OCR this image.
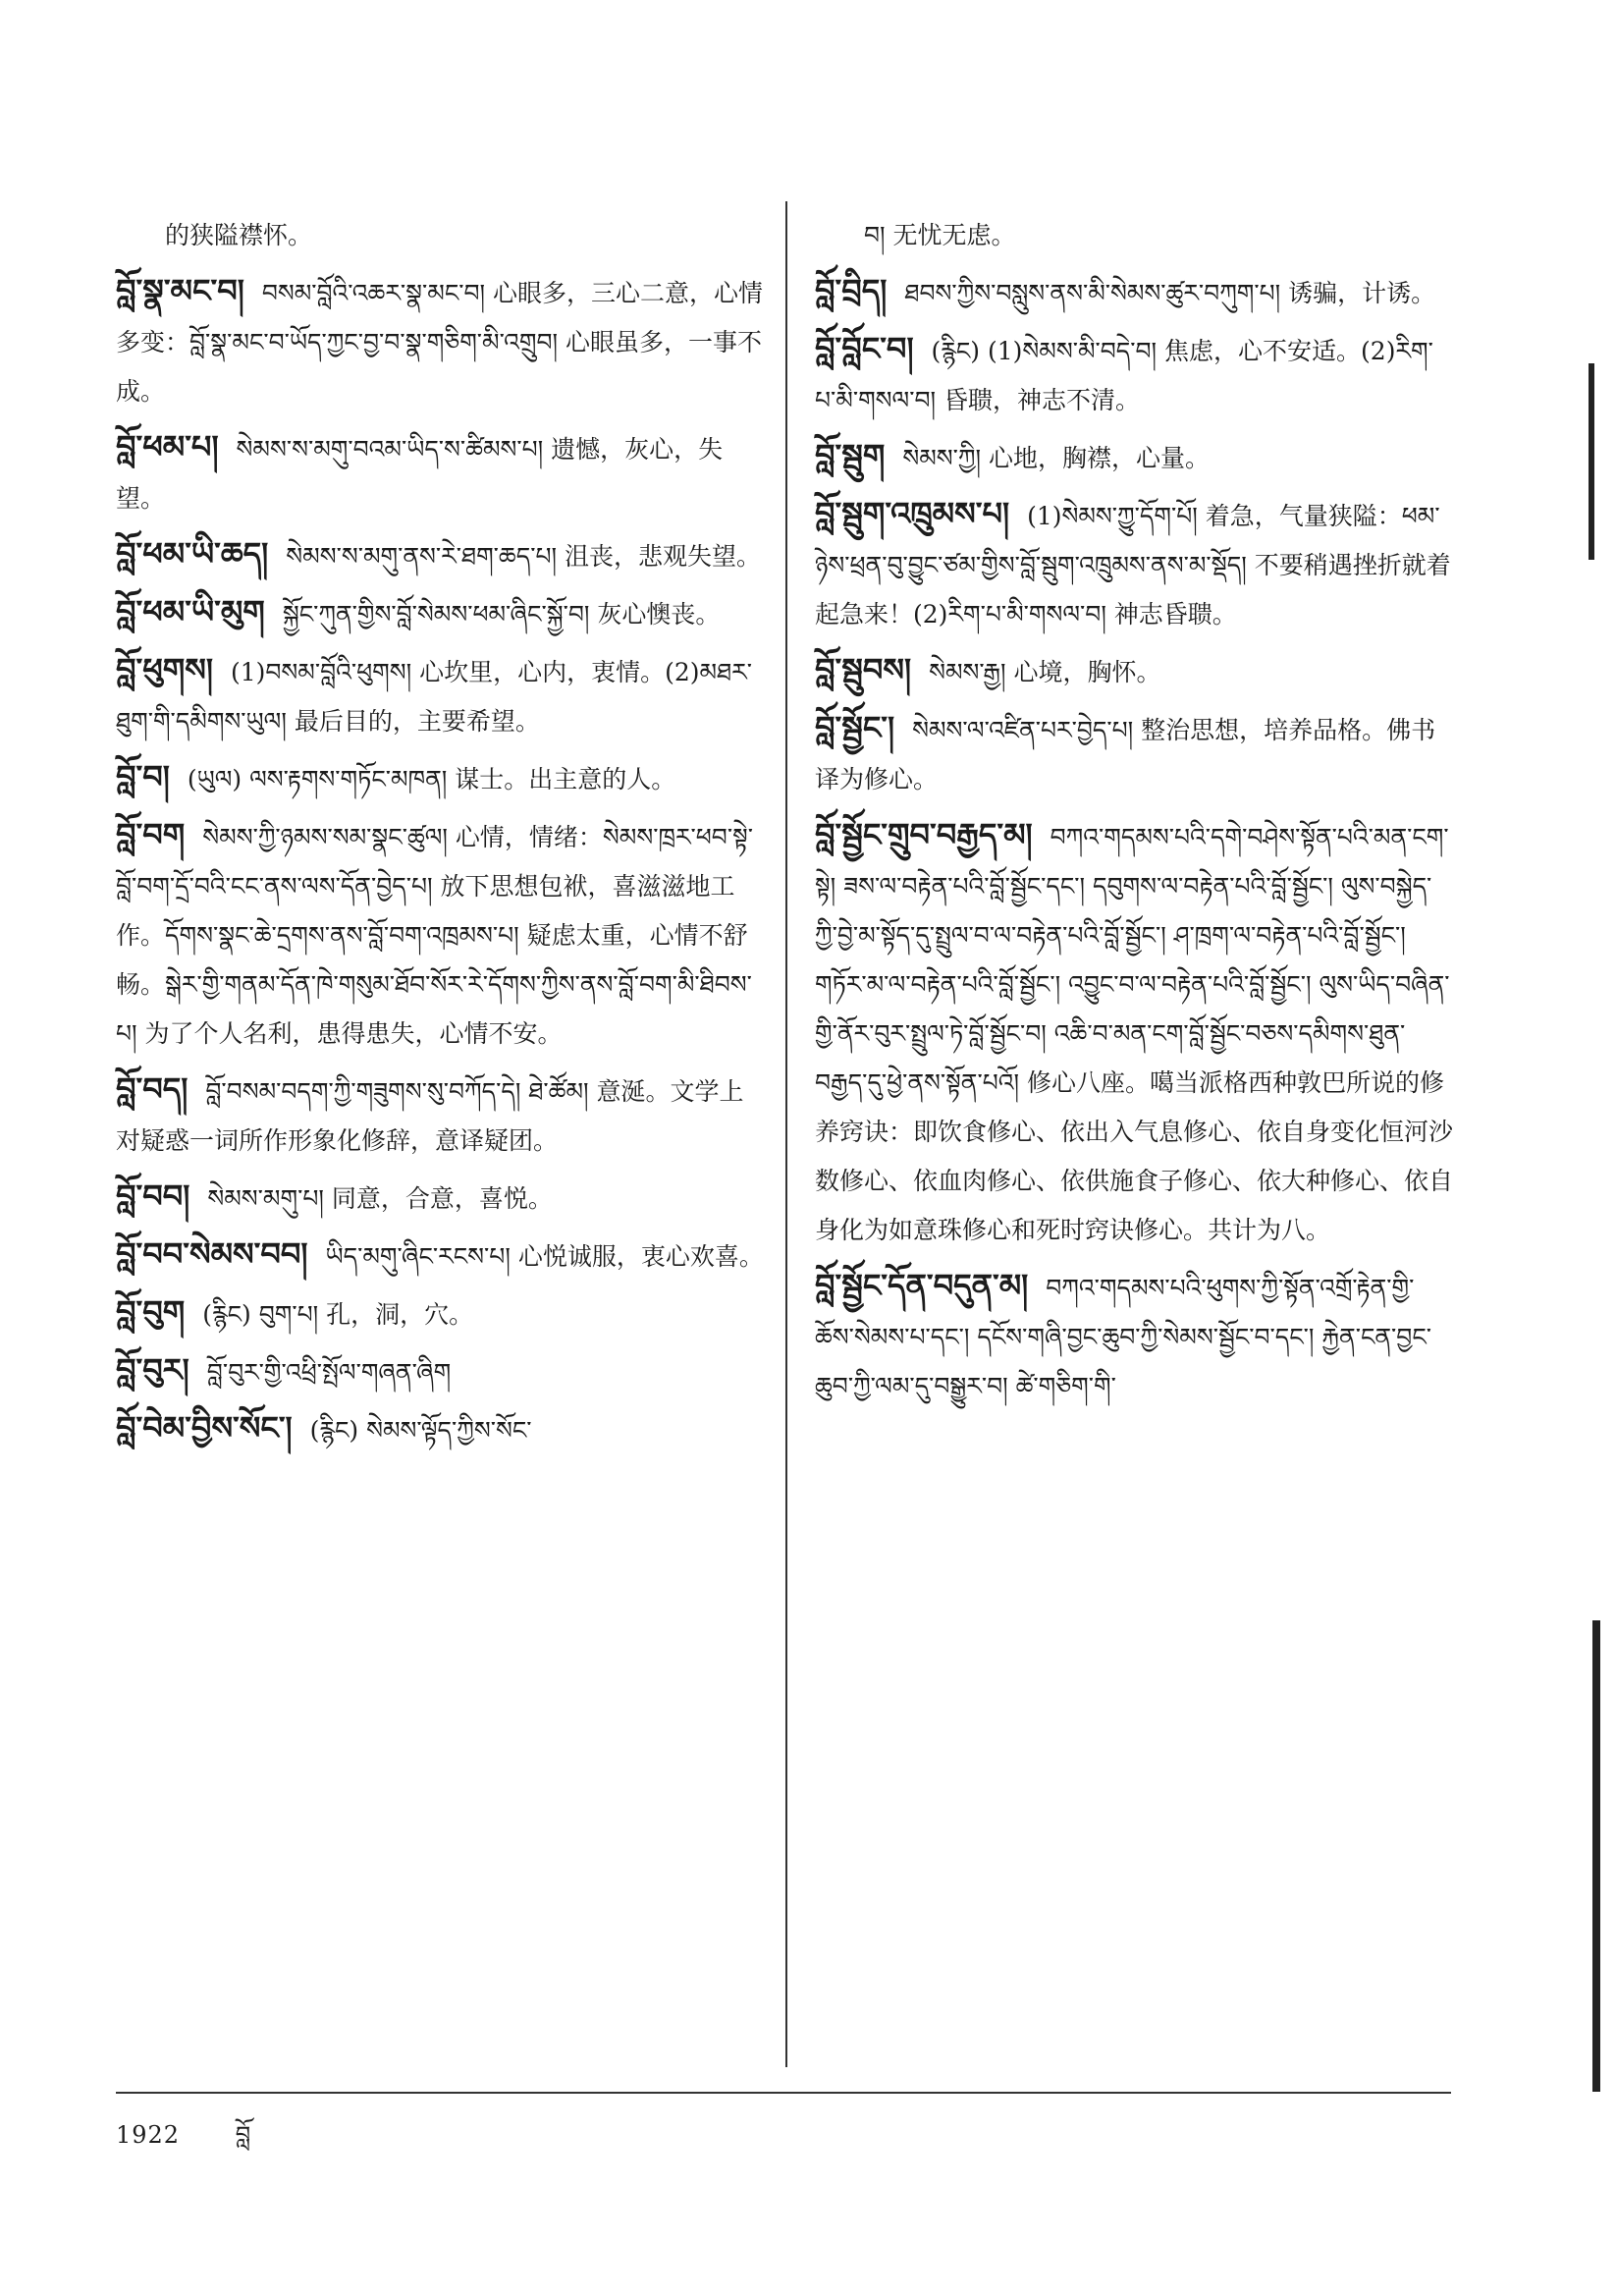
的狭隘襟怀。
བློ་སྣ་མང་བ། བསམ་བློའི་འཆར་སྣ་མང་བ། 心眼多，三心二意，心情多变：བློ་སྣ་མང་བ་ཡོད་ཀྱང་བྱ་བ་སྣ་གཅིག་མི་འགྲུབ། 心眼虽多，一事不成。
བློ་ཕམ་པ། སེམས་ས་མགུ་བའམ་ཡིད་ས་ཚིམས་པ། 遗憾，灰心，失望。
བློ་ཕམ་ཡི་ཆད། སེམས་ས་མགུ་ནས་རེ་ཐག་ཆད་པ། 沮丧，悲观失望。
བློ་ཕམ་ཡི་མུག སྐྱོང་ཀུན་གྱིས་བློ་སེམས་ཕམ་ཞིང་སྐྱོ་བ། 灰心懊丧。
བློ་ཕུགས། (1)བསམ་བློའི་ཕུགས། 心坎里，心内，衷情。(2)མཐར་ཐུག་གི་དམིགས་ཡུལ། 最后目的，主要希望。
བློ་བ། (ཡུལ) ལས་རྟགས་གཏོང་མཁན། 谋士。出主意的人。
བློ་བག སེམས་ཀྱི་ཉམས་སམ་སྣང་ཚུལ། 心情，情绪：སེམས་ཁྲར་ཕབ་སྟེ་བློ་བག་དྲོ་བའི་ངང་ནས་ལས་དོན་བྱེད་པ། 放下思想包袱，喜滋滋地工作。དོགས་སྣང་ཆེ་དྲགས་ནས་བློ་བག་འཁྲམས་པ། 疑虑太重，心情不舒畅。སྒེར་གྱི་གནམ་དོན་ཁེ་གསུམ་ཐོབ་སོར་རེ་དོགས་ཀྱིས་ནས་བློ་བག་མི་ཐིབས་པ། 为了个人名利，患得患失，心情不安。
བློ་བད། བློ་བསམ་བདག་ཀྱི་གཟུགས་སུ་བཀོད་དེ། ཐེ་ཚོམ། 意涎。文学上对疑惑一词所作形象化修辞，意译疑团。
བློ་བབ། སེམས་མགུ་པ། 同意，合意，喜悦。
བློ་བབ་སེམས་བབ། ཡིད་མགུ་ཞིང་རངས་པ། 心悦诚服，衷心欢喜。
བློ་བུག (རྙིང) བུག་པ། 孔，洞，穴。
བློ་བུར། བློ་བུར་གྱི་འཕྲི་སྤོལ་གཞན་ཞིག
བློ་བེམ་བྱིས་སོང་། (རྙིང) སེམས་ལྟོད་ཀྱིས་སོང་
བ། 无忧无虑。
བློ་བྲིད། ཐབས་ཀྱིས་བསླུས་ནས་མི་སེམས་ཚུར་བཀུག་པ། 诱骗，计诱。
བློ་བློང་བ། (རྙིང) (1)སེམས་མི་བདེ་བ། 焦虑，心不安适。(2)རིག་པ་མི་གསལ་བ། 昏聩，神志不清。
བློ་སྦུག སེམས་ཀྱི། 心地，胸襟，心量。
བློ་སྦུག་འཁྲུམས་པ། (1)སེམས་ཀྱུ་དོག་པོ། 着急，气量狭隘：ཕམ་ཉེས་ཕྲན་བུ་བྱུང་ཙམ་གྱིས་བློ་སྦུག་འཁྲུམས་ནས་མ་སྡོད། 不要稍遇挫折就着起急来！(2)རིག་པ་མི་གསལ་བ། 神志昏聩。
བློ་སྦུབས། སེམས་རྒྱ། 心境，胸怀。
བློ་སྦྱོང་། སེམས་ལ་འཛིན་པར་བྱེད་པ། 整治思想，培养品格。佛书译为修心。
བློ་སྦྱོང་གྲུབ་བརྒྱད་མ། བཀའ་གདམས་པའི་དགེ་བཤེས་སྟོན་པའི་མན་ངག་སྟེ། ཟས་ལ་བརྟེན་པའི་བློ་སྦྱོང་དང་། དབུགས་ལ་བརྟེན་པའི་བློ་སྦྱོང་། ལུས་བསྐྱེད་ཀྱི་བྱེ་མ་སྟོད་དུ་སྤྲུལ་བ་ལ་བརྟེན་པའི་བློ་སྦྱོང་། ཤ་ཁྲག་ལ་བརྟེན་པའི་བློ་སྦྱོང་། གཏོར་མ་ལ་བརྟེན་པའི་བློ་སྦྱོང་། འབྱུང་བ་ལ་བརྟེན་པའི་བློ་སྦྱོང་། ལུས་ཡིད་བཞིན་གྱི་ནོར་བུར་སྤྲུལ་ཏེ་བློ་སྦྱོང་བ། འཆི་བ་མན་ངག་བློ་སྦྱོང་བཅས་དམིགས་ཐུན་བརྒྱད་དུ་ཕྱེ་ནས་སྟོན་པའོ། 修心八座。噶当派格西种敦巴所说的修养窍诀：即饮食修心、依出入气息修心、依自身变化恒河沙数修心、依血肉修心、依供施食子修心、依大种修心、依自身化为如意珠修心和死时窍诀修心。共计为八。
བློ་སྦྱོང་དོན་བདུན་མ། བཀའ་གདམས་པའི་ཕུགས་ཀྱི་སྟོན་འགྲོ་རྟེན་གྱི་ཆོས་སེམས་པ་དང་། དངོས་གཞི་བྱང་ཆུབ་ཀྱི་སེམས་སྦྱོང་བ་དང་། རྐྱེན་ངན་བྱང་ཆུབ་ཀྱི་ལམ་དུ་བསྒྱུར་བ། ཚེ་གཅིག་གི་
1922 བློ
